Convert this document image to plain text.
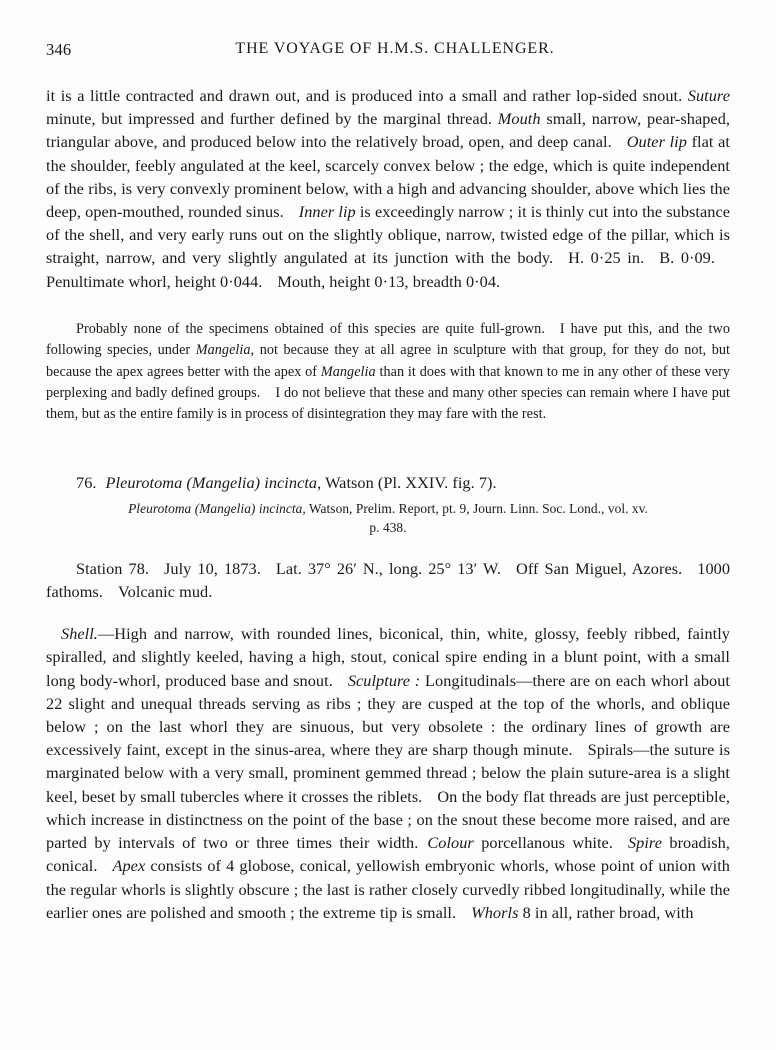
346	THE VOYAGE OF H.M.S. CHALLENGER.

it is a little contracted and drawn out, and is produced into a small and rather lop-sided snout. Suture minute, but impressed and further defined by the marginal thread. Mouth small, narrow, pear-shaped, triangular above, and produced below into the relatively broad, open, and deep canal. Outer lip flat at the shoulder, feebly angulated at the keel, scarcely convex below ; the edge, which is quite independent of the ribs, is very convexly prominent below, with a high and advancing shoulder, above which lies the deep, open-mouthed, rounded sinus. Inner lip is exceedingly narrow ; it is thinly cut into the substance of the shell, and very early runs out on the slightly oblique, narrow, twisted edge of the pillar, which is straight, narrow, and very slightly angulated at its junction with the body. H. 0·25 in. B. 0·09.Penultimate whorl, height 0·044. Mouth, height 0·13, breadth 0·04.

Probably none of the specimens obtained of this species are quite full-grown. I have put this, and the two following species, under Mangelia, not because they at all agree in sculpture with that group, for they do not, but because the apex agrees better with the apex of Mangelia than it does with that known to me in any other of these very perplexing and badly defined groups. I do not believe that these and many other species can remain where I have put them, but as the entire family is in process of disintegration they may fare with the rest.

76. Pleurotoma (Mangelia) incincta, Watson (Pl. XXIV. fig. 7).

Pleurotoma (Mangelia) incincta, Watson, Prelim. Report, pt. 9, Journ. Linn. Soc. Lond., vol. xv.

p. 438.

Station 78. July 10, 1873. Lat. 37° 26′ N., long. 25° 13′ W. Off San Miguel, Azores. 1000 fathoms. Volcanic mud.

Shell.—High and narrow, with rounded lines, biconical, thin, white, glossy, feebly ribbed, faintly spiralled, and slightly keeled, having a high, stout, conical spire ending in a blunt point, with a small long body-whorl, produced base and snout. Sculpture : Longitudinals—there are on each whorl about 22 slight and unequal threads serving as ribs ; they are cusped at the top of the whorls, and oblique below ; on the last whorl they are sinuous, but very obsolete : the ordinary lines of growth are excessively faint, except in the sinus-area, where they are sharp though minute. Spirals—the suture is marginated below with a very small, prominent gemmed thread ; below the plain suture-area is a slight keel, beset by small tubercles where it crosses the riblets. On the body flat threads are just perceptible, which increase in distinctness on the point of the base ; on the snout these become more raised, and are parted by intervals of two or three times their width. Colour porcellanous white. Spire broadish, conical. Apex consists of 4 globose, conical, yellowish embryonic whorls, whose point of union with the regular whorls is slightly obscure ; the last is rather closely curvedly ribbed longitudinally, while the earlier ones are polished and smooth ; the extreme tip is small. Whorls 8 in all, rather broad, with
